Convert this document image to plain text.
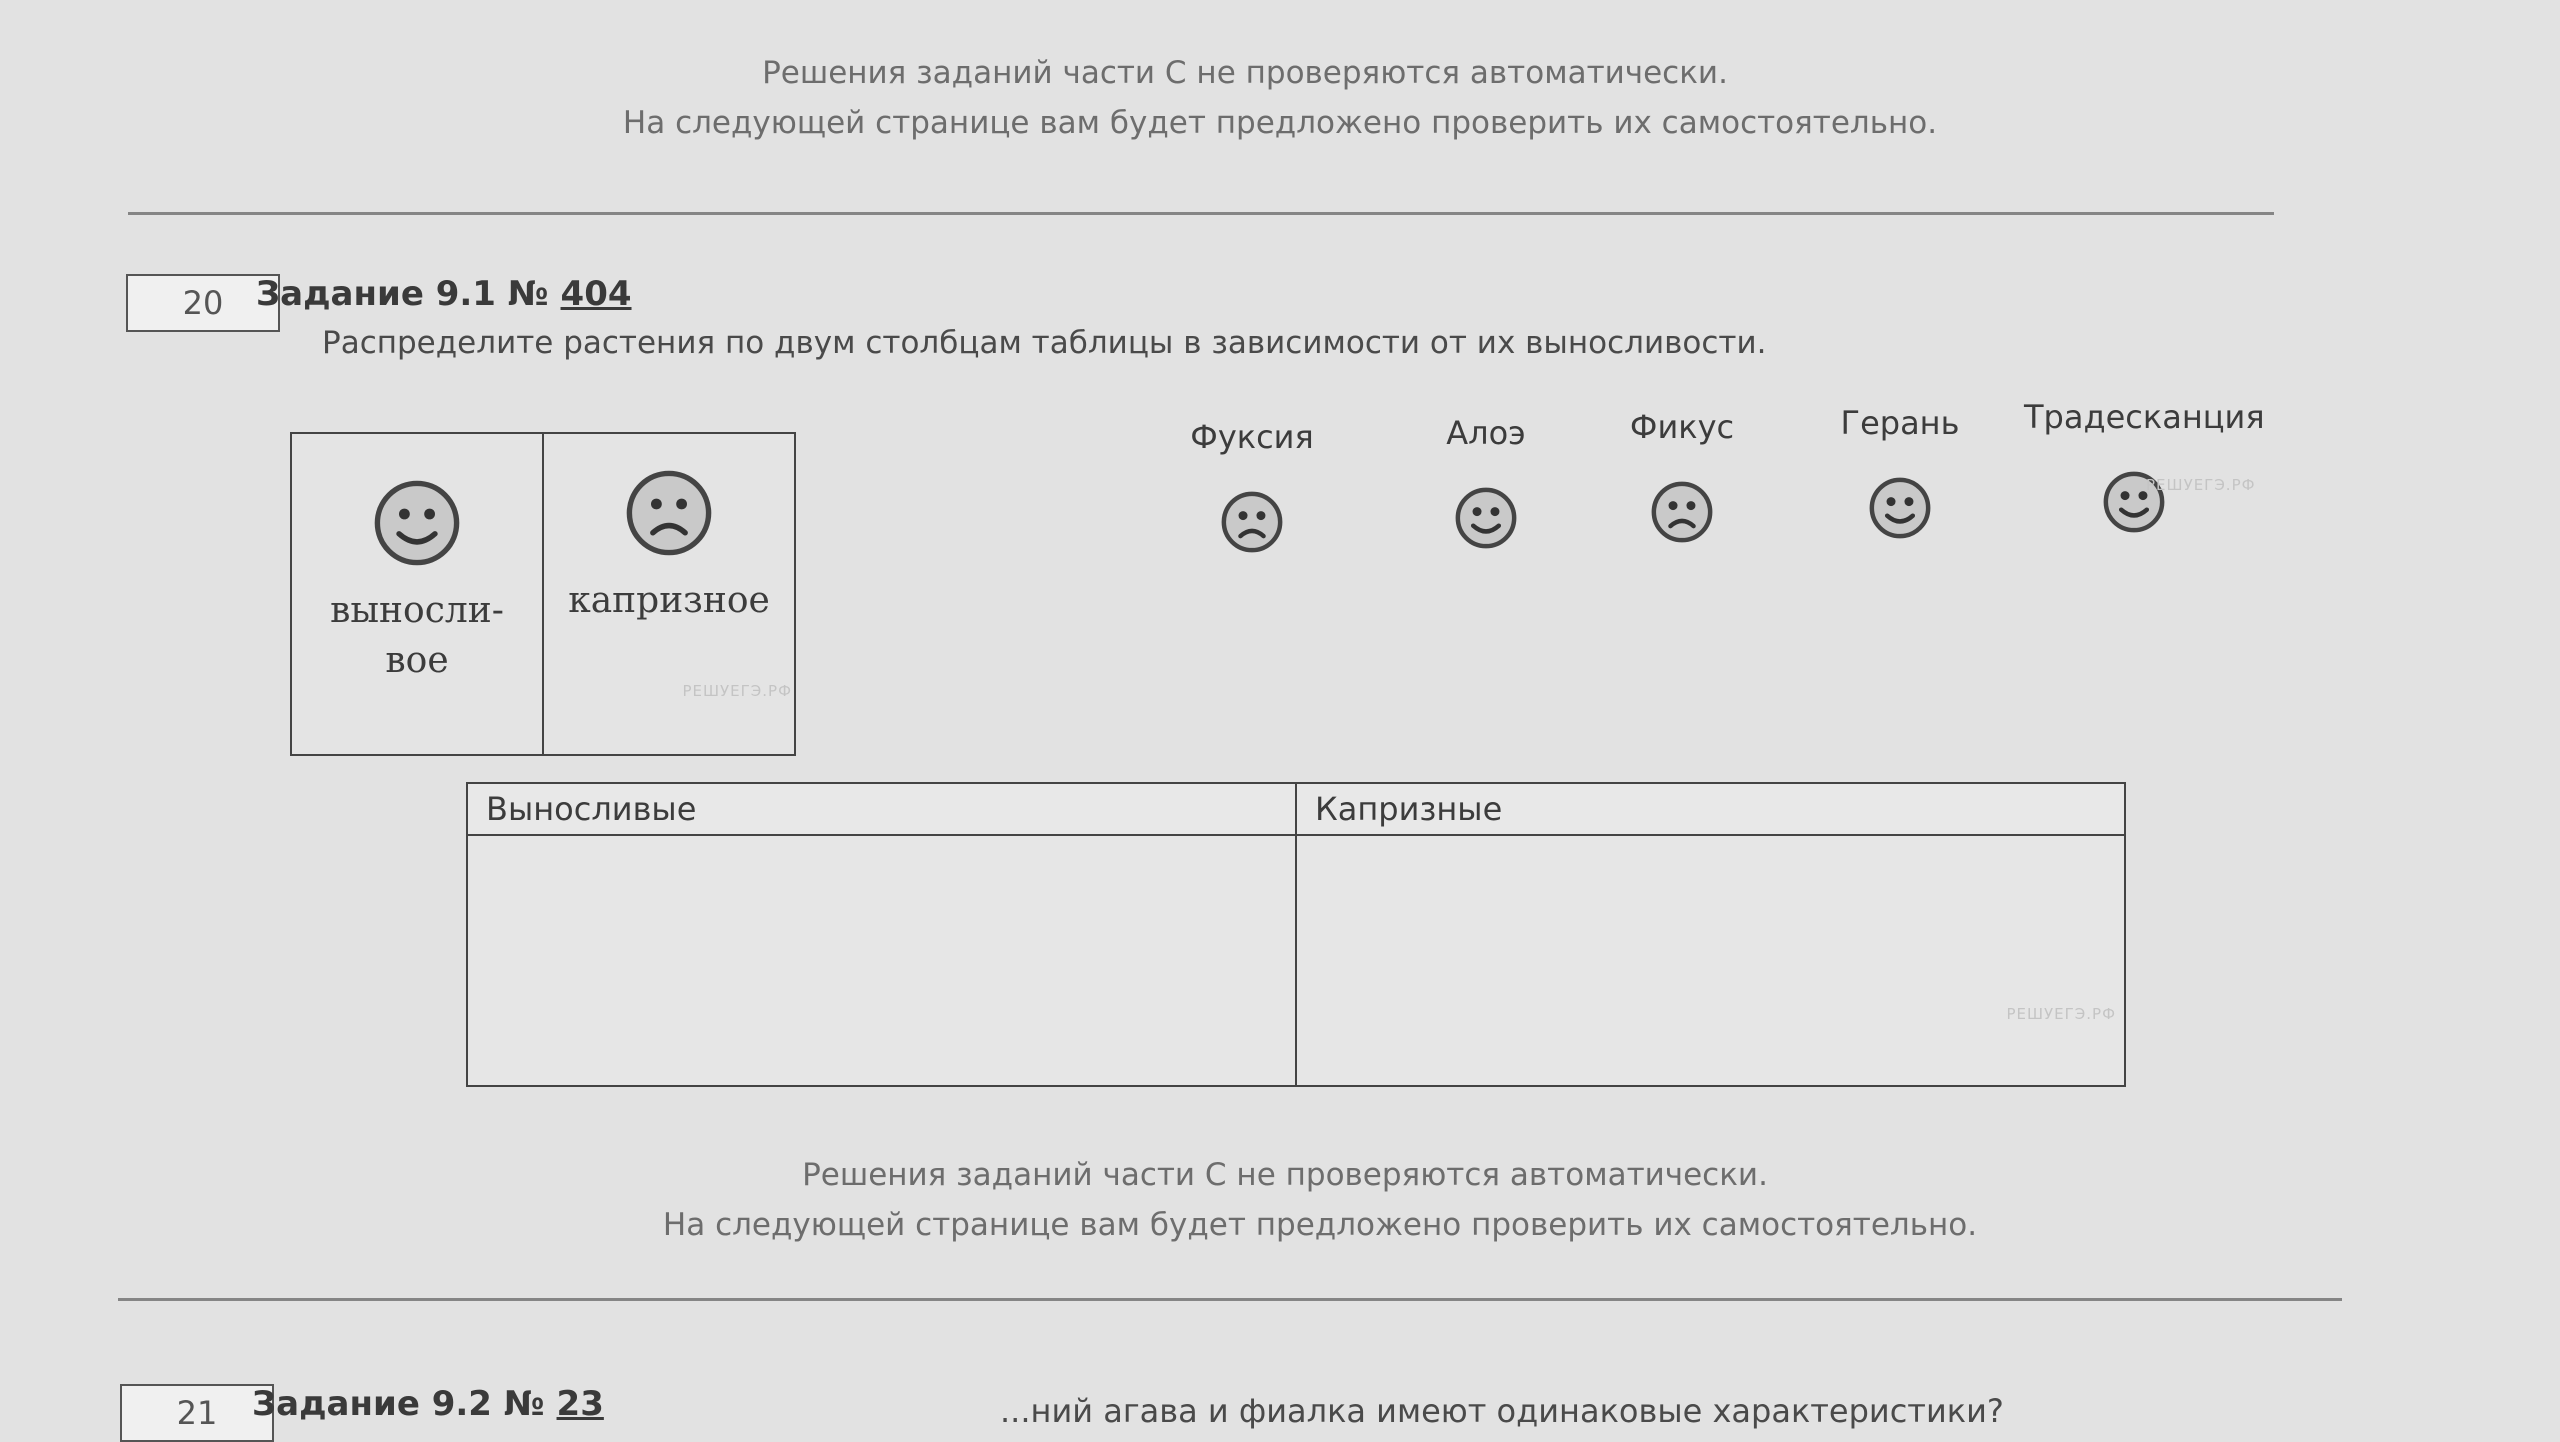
Решения заданий части C не проверяются автоматически.
На следующей странице вам будет предложено проверить их самостоятельно.
20 Задание 9.1 № 404
Распределите растения по двум столбцам таблицы в зависимости от их выносливости.
выносли-
вое
капризное
РЕШУЕГЭ.РФ
Фуксия	Алоэ	Фикус	Герань	Традесканция
РЕШУЕГЭ.РФ
Выносливые	Капризные

	РЕШУЕГЭ.РФ
Решения заданий части C не проверяются автоматически.
На следующей странице вам будет предложено проверить их самостоятельно.
21	Задание 9.2 № 23	...ний агава и фиалка имеют одинаковые характеристики?
